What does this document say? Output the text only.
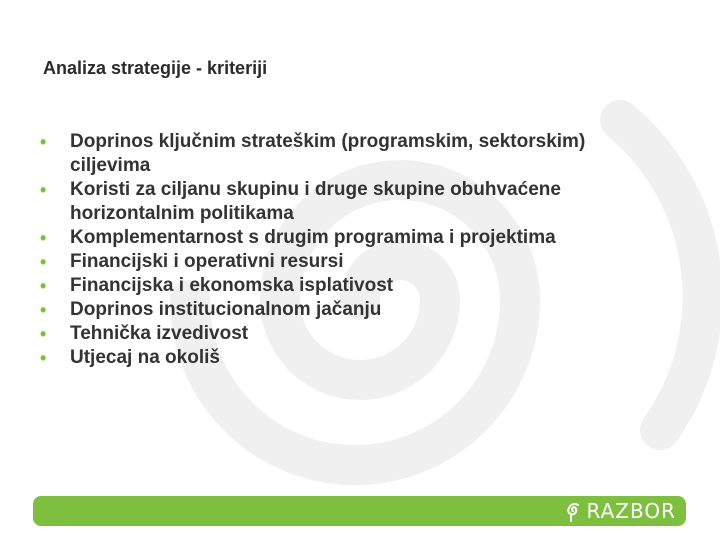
Analiza strategije - kriteriji
• Doprinos ključnim strateškim (programskim, sektorskim) ciljevima
• Koristi za ciljanu skupinu i druge skupine obuhvaćene horizontalnim politikama
• Komplementarnost s drugim programima i projektima
• Financijski i operativni resursi
• Financijska i ekonomska isplativost
• Doprinos institucionalnom jačanju
• Tehnička izvedivost
• Utjecaj na okoliš
RAZBOR
